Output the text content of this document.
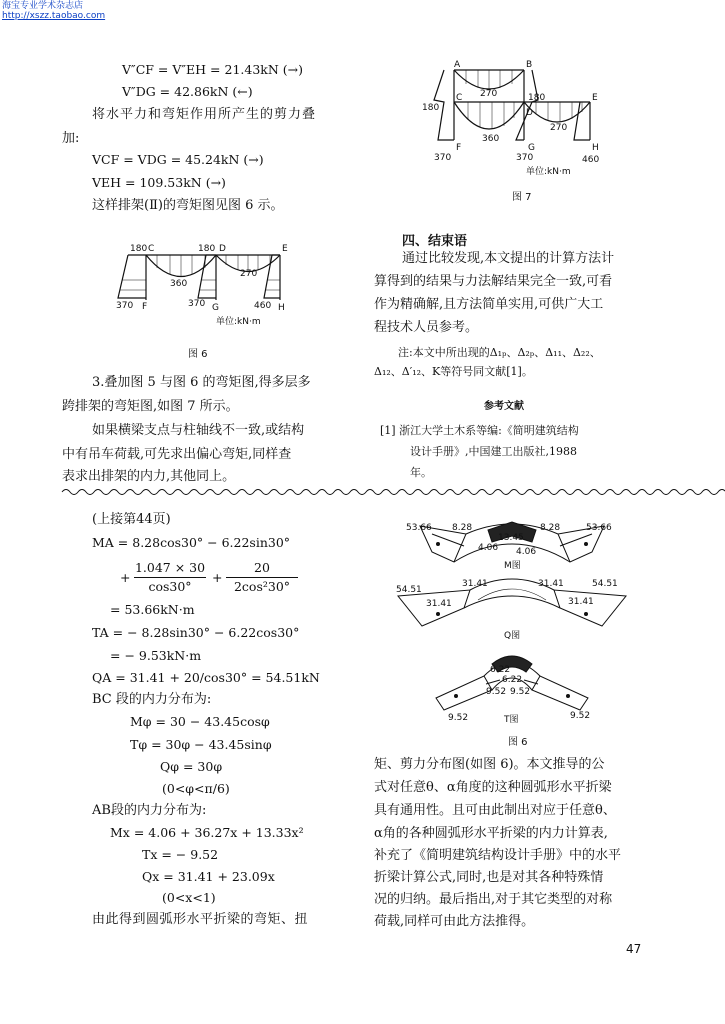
海宝专业学术杂志店
http://xszz.taobao.com
V″CF = V″EH = 21.43kN (→)
V″DG = 42.86kN (←)
将水平力和弯矩作用所产生的剪力叠
加:
VCF = VDG = 45.24kN (→)
VEH = 109.53kN (→)
这样排架(Ⅱ)的弯矩图见图 6 示。
180 C	180 D	E
360
270
370 F	370 G	460 H
单位:kN·m
图 6
3.叠加图 5 与图 6 的弯矩图,得多层多
跨排架的弯矩图,如图 7 所示。
如果横梁支点与柱轴线不一致,或结构
中有吊车荷载,可先求出偏心弯矩,同样查
表求出排架的内力,其他同上。
A	B
C
180
270
D
180	E
360
270
F
370
G
370
H
460
单位:kN·m
图 7
四、结束语
通过比较发现,本文提出的计算方法计
算得到的结果与力法解结果完全一致,可看
作为精确解,且方法简单实用,可供广大工
程技术人员参考。
注:本文中所出现的Δ₁ₚ、Δ₂ₚ、Δ₁₁、Δ₂₂、
Δ₁₂、Δ′₁₂、K等符号同文献[1]。
参考文献
[1] 浙江大学土木系等编:《简明建筑结构
设计手册》,中国建工出版社,1988
年。
(上接第44页)
MA = 8.28cos30° − 6.22sin30°
+
1.047 × 30
cos30°
+
20
2cos²30°
= 53.66kN·m
TA = − 8.28sin30° − 6.22cos30°
= − 9.53kN·m
QA = 31.41 + 20/cos30° = 54.51kN
BC 段的内力分布为:
Mφ = 30 − 43.45cosφ
Tφ = 30φ − 43.45sinφ
Qφ = 30φ
(0<φ<π/6)
AB段的内力分布为:
Mx = 4.06 + 36.27x + 13.33x²
Tx = − 9.52
Qx = 31.41 + 23.09x
(0<x<1)
由此得到圆弧形水平折梁的弯矩、扭
53.66 8.28	8.28	53.66
13.45
4.06 4.06
M图
54.51
31.41	31.41	54.51
31.41	31.41
Q图
6.22
6.22
9.52 9.52
9.52	9.52
T图
图 6
矩、剪力分布图(如图 6)。本文推导的公
式对任意θ、α角度的这种圆弧形水平折梁
具有通用性。且可由此制出对应于任意θ、
α角的各种圆弧形水平折梁的内力计算表,
补充了《简明建筑结构设计手册》中的水平
折梁计算公式,同时,也是对其各种特殊情
况的归纳。最后指出,对于其它类型的对称
荷载,同样可由此方法推得。
47
